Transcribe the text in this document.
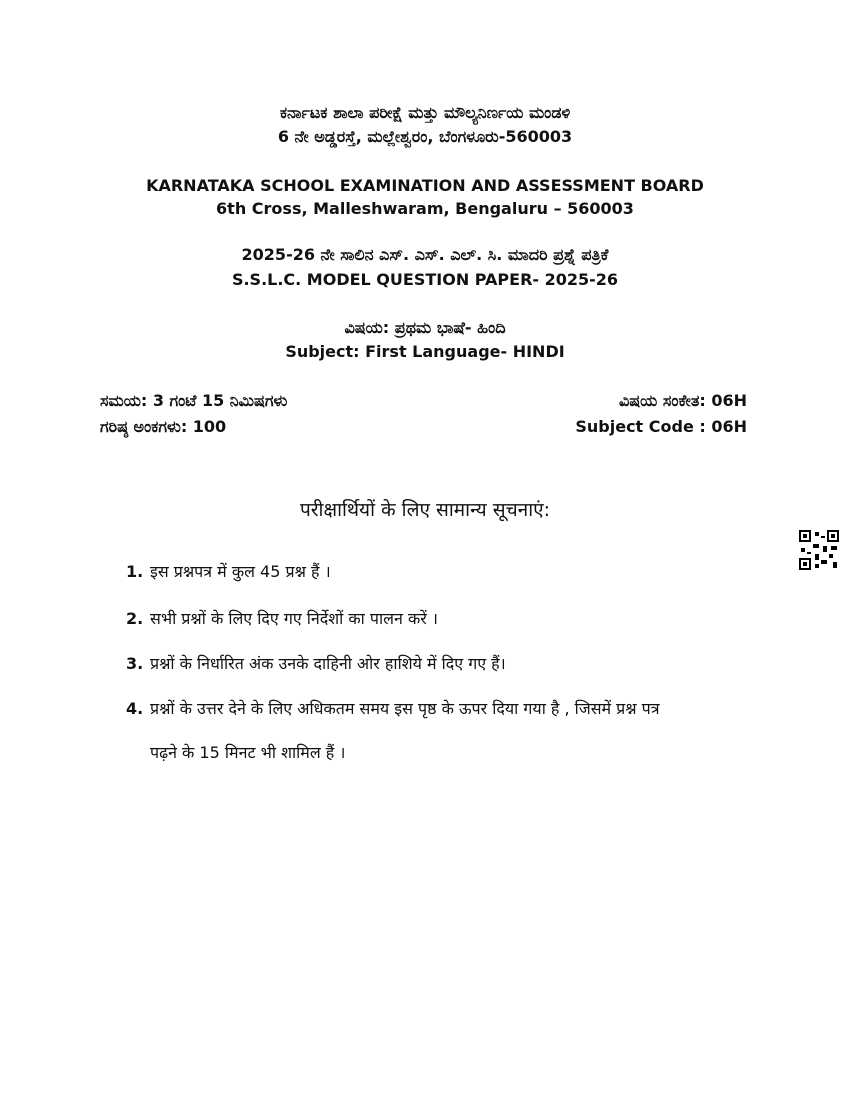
ಕರ್ನಾಟಕ ಶಾಲಾ ಪರೀಕ್ಷೆ ಮತ್ತು ಮೌಲ್ಯನಿರ್ಣಯ ಮಂಡಳಿ
6 ನೇ ಅಡ್ಡರಸ್ತೆ, ಮಲ್ಲೇಶ್ವರಂ, ಬೆಂಗಳೂರು-560003
KARNATAKA SCHOOL EXAMINATION AND ASSESSMENT BOARD
6th Cross, Malleshwaram, Bengaluru – 560003
2025-26 ನೇ ಸಾಲಿನ ಎಸ್. ಎಸ್. ಎಲ್. ಸಿ. ಮಾದರಿ ಪ್ರಶ್ನೆ ಪತ್ರಿಕೆ
S.S.L.C. MODEL QUESTION PAPER- 2025-26
ವಿಷಯ: ಪ್ರಥಮ ಭಾಷೆ- ಹಿಂದಿ
Subject: First Language- HINDI
ಸಮಯ: 3 ಗಂಟೆ 15 ನಿಮಿಷಗಳು
ಗರಿಷ್ಠ ಅಂಕಗಳು: 100
ವಿಷಯ ಸಂಕೇತ: 06H
Subject Code : 06H
परीक्षार्थियों के लिए सामान्य सूचनाएं:
1. इस प्रश्नपत्र में कुल 45 प्रश्न हैं ।
2. सभी प्रश्नों के लिए दिए गए निर्देशों का पालन करें ।
3. प्रश्नों के निर्धारित अंक उनके दाहिनी ओर हाशिये में दिए गए हैं।
4. प्रश्नों के उत्तर देने के लिए अधिकतम समय इस पृष्ठ के ऊपर दिया गया है , जिसमें प्रश्न पत्र
पढ़ने के 15 मिनट भी शामिल हैं ।
